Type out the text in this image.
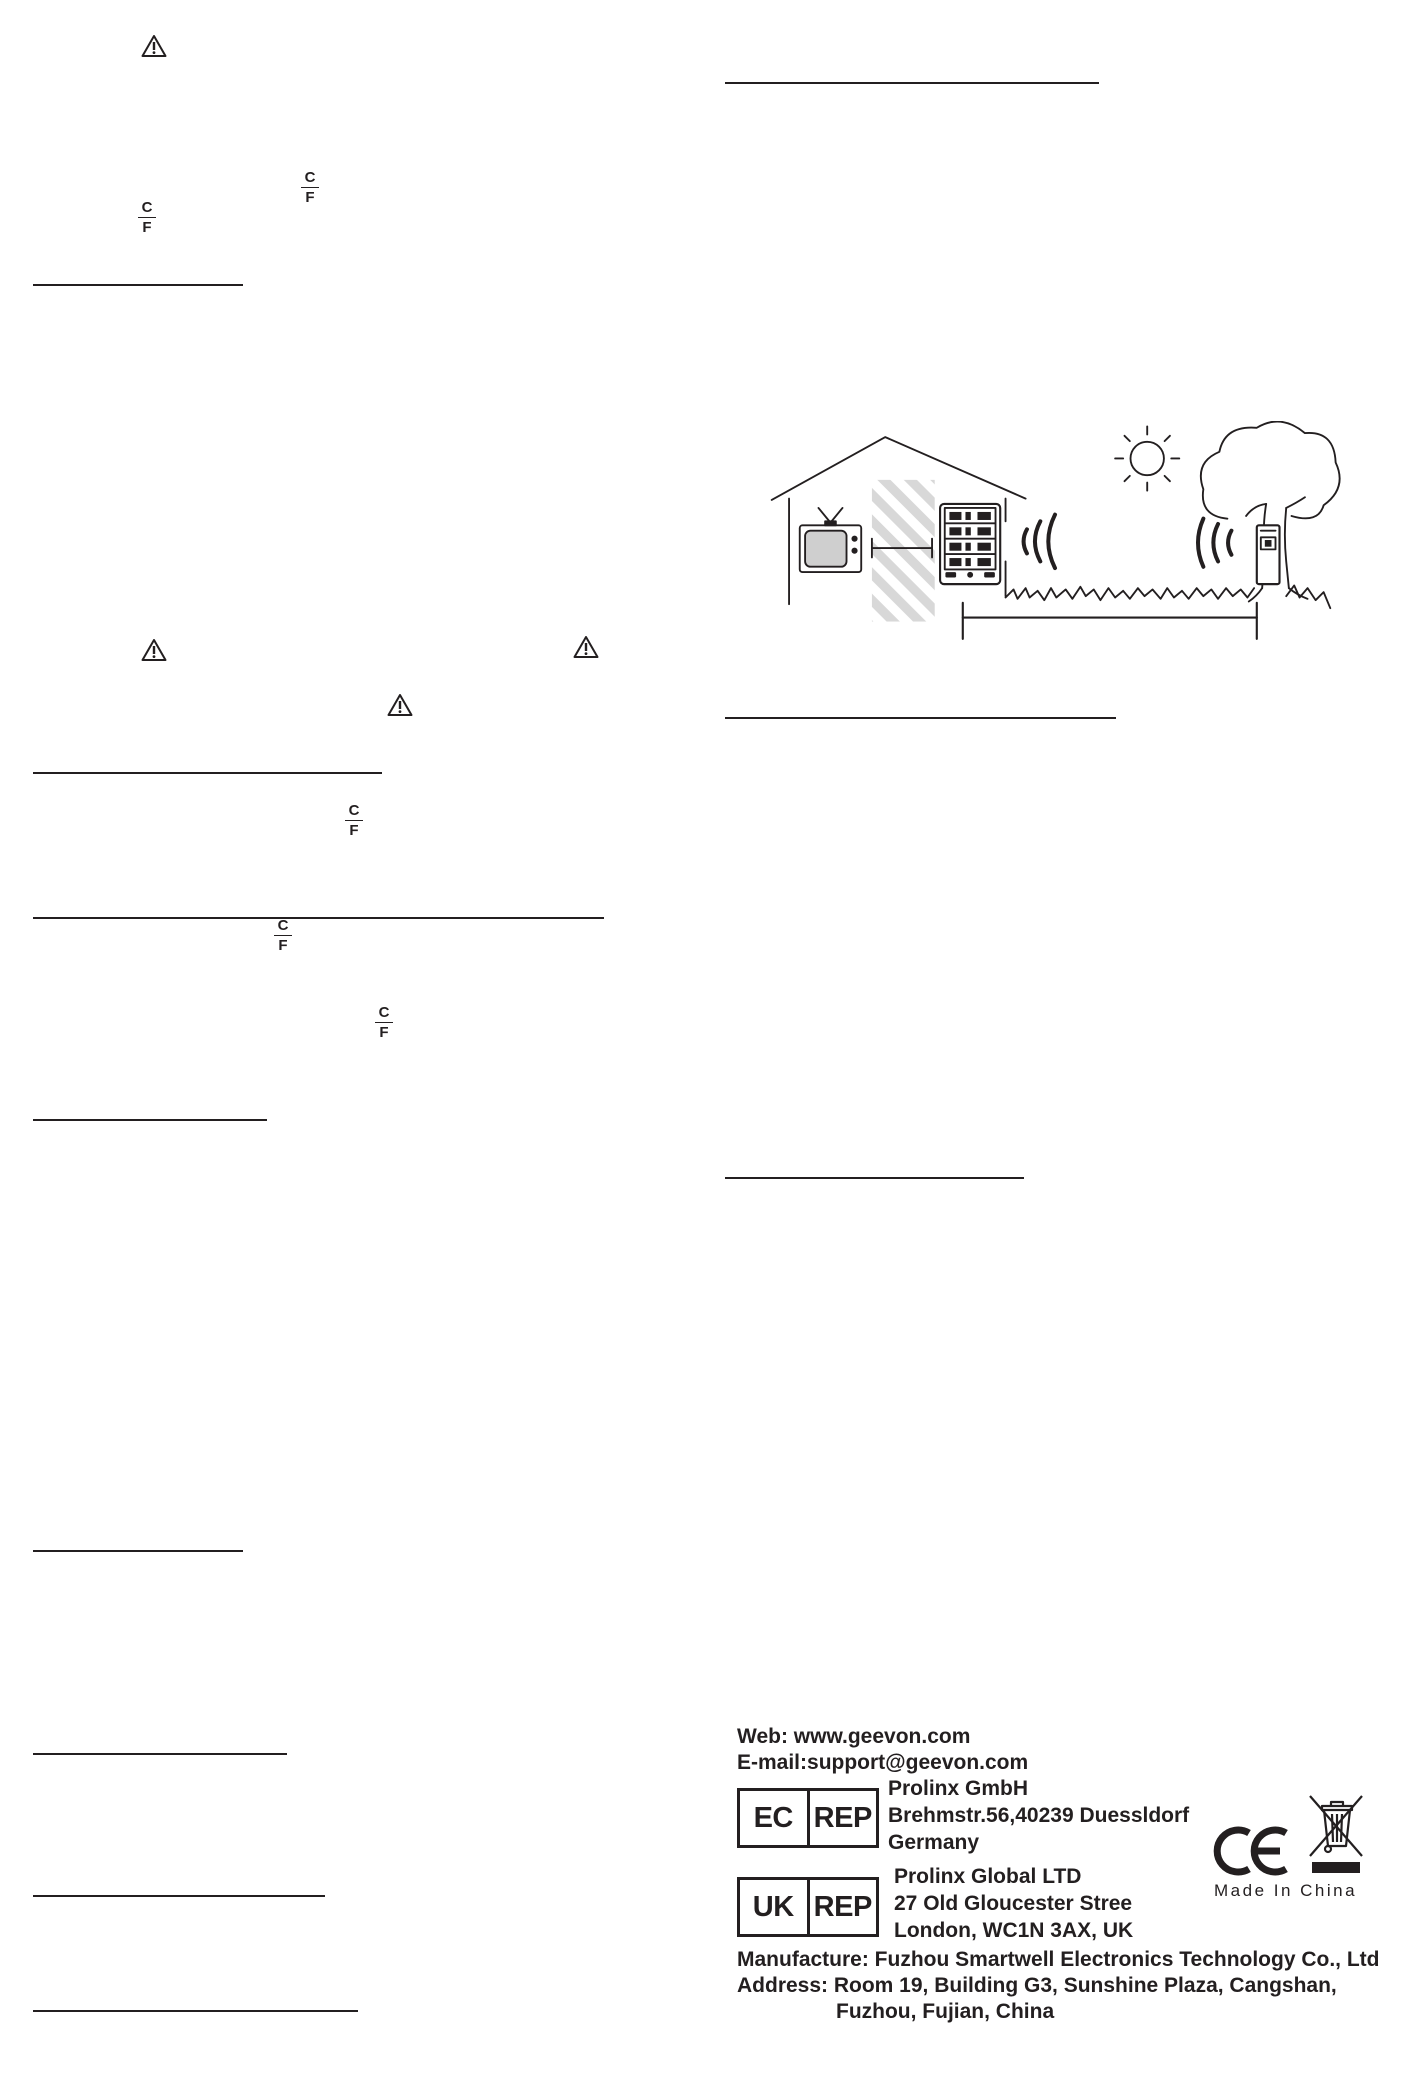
C
F
C
F
C
F
C
F
C
F
Web: www.geevon.com
E-mail:support@geevon.com
EC REP
Prolinx GmbH
Brehmstr.56,40239 Duessldorf
Germany
UK REP
Prolinx Global LTD
27 Old Gloucester Stree
London, WC1N 3AX, UK
Made In China
Manufacture: Fuzhou Smartwell Electronics Technology Co., Ltd
Address: Room 19, Building G3, Sunshine Plaza, Cangshan,
Fuzhou, Fujian, China
